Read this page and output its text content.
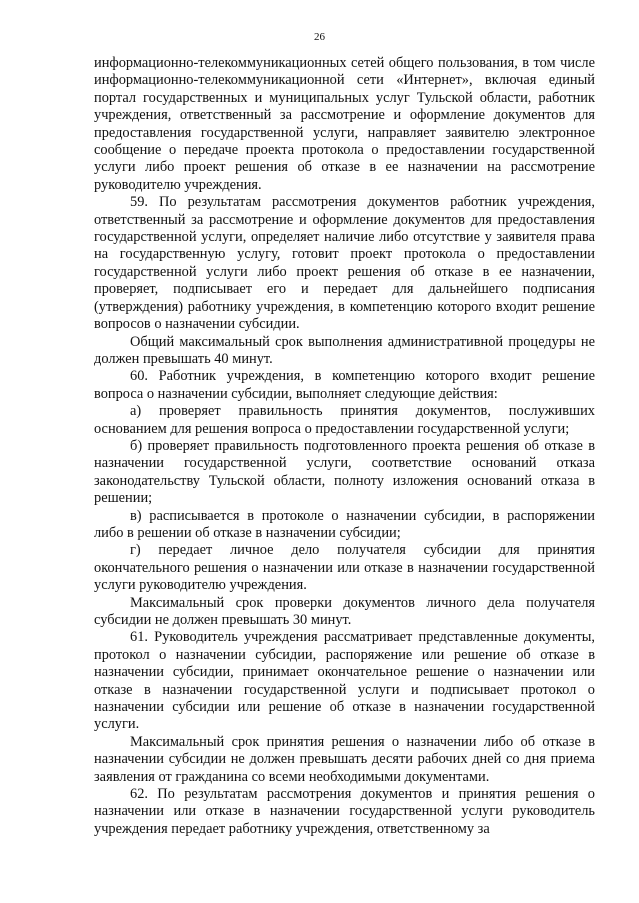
26

информационно-телекоммуникационных сетей общего пользования, в том числе информационно-телекоммуникационной сети «Интернет», включая единый портал государственных и муниципальных услуг Тульской области, работник учреждения, ответственный за рассмотрение и оформление документов для предоставления государственной услуги, направляет заявителю электронное сообщение о передаче проекта протокола о предоставлении государственной услуги либо проект решения об отказе в ее назначении на рассмотрение руководителю учреждения.

59. По результатам рассмотрения документов работник учреждения, ответственный за рассмотрение и оформление документов для предоставления государственной услуги, определяет наличие либо отсутствие у заявителя права на государственную услугу, готовит проект протокола о предоставлении государственной услуги либо проект решения об отказе в ее назначении, проверяет, подписывает его и передает для дальнейшего подписания (утверждения) работнику учреждения, в компетенцию которого входит решение вопросов о назначении субсидии.

Общий максимальный срок выполнения административной процедуры не должен превышать 40 минут.

60. Работник учреждения, в компетенцию которого входит решение вопроса о назначении субсидии, выполняет следующие действия:

а) проверяет правильность принятия документов, послуживших основанием для решения вопроса о предоставлении государственной услуги;

б) проверяет правильность подготовленного проекта решения об отказе в назначении государственной услуги, соответствие оснований отказа законодательству Тульской области, полноту изложения оснований отказа в решении;

в) расписывается в протоколе о назначении субсидии, в распоряжении либо в решении об отказе в назначении субсидии;

г) передает личное дело получателя субсидии для принятия окончательного решения о назначении или отказе в назначении государственной услуги руководителю учреждения.

Максимальный срок проверки документов личного дела получателя субсидии не должен превышать 30 минут.

61. Руководитель учреждения рассматривает представленные документы, протокол о назначении субсидии, распоряжение или решение об отказе в назначении субсидии, принимает окончательное решение о назначении или отказе в назначении государственной услуги и подписывает протокол о назначении субсидии или решение об отказе в назначении государственной услуги.

Максимальный срок принятия решения о назначении либо об отказе в назначении субсидии не должен превышать десяти рабочих дней со дня приема заявления от гражданина со всеми необходимыми документами.

62. По результатам рассмотрения документов и принятия решения о назначении или отказе в назначении государственной услуги руководитель учреждения передает работнику учреждения, ответственному за
